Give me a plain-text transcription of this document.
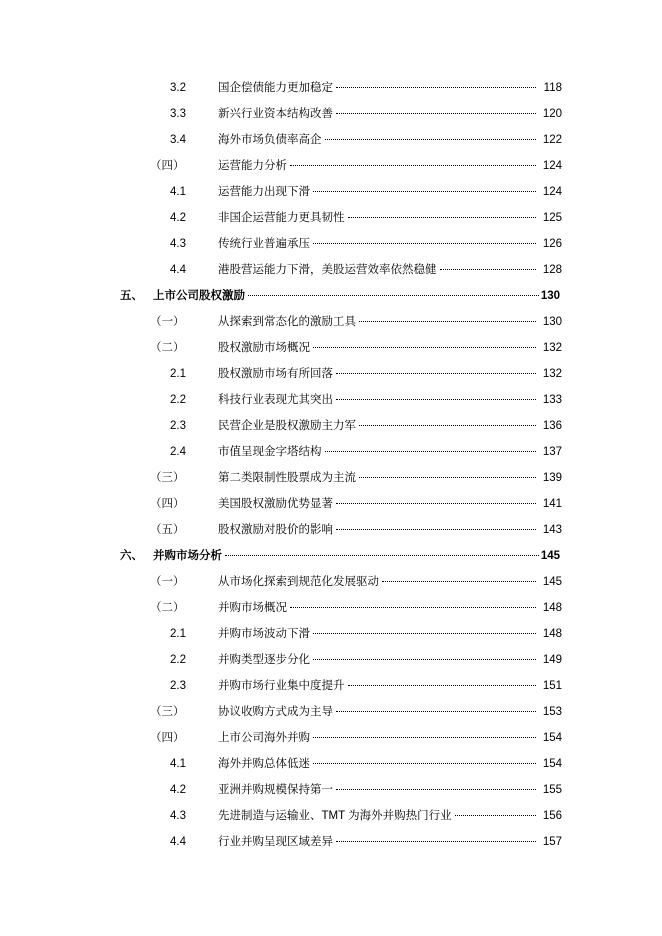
3.2	国企偿债能力更加稳定	118
3.3	新兴行业资本结构改善	120
3.4	海外市场负债率高企	122
（四）	运营能力分析	124
4.1	运营能力出现下滑	124
4.2	非国企运营能力更具韧性	125
4.3	传统行业普遍承压	126
4.4	港股营运能力下滑，美股运营效率依然稳健	128
五、 上市公司股权激励	130
（一）	从探索到常态化的激励工具	130
（二）	股权激励市场概况	132
2.1	股权激励市场有所回落	132
2.2	科技行业表现尤其突出	133
2.3	民营企业是股权激励主力军	136
2.4	市值呈现金字塔结构	137
（三）	第二类限制性股票成为主流	139
（四）	美国股权激励优势显著	141
（五）	股权激励对股价的影响	143
六、 并购市场分析	145
（一）	从市场化探索到规范化发展驱动	145
（二）	并购市场概况	148
2.1	并购市场波动下滑	148
2.2	并购类型逐步分化	149
2.3	并购市场行业集中度提升	151
（三）	协议收购方式成为主导	153
（四）	上市公司海外并购	154
4.1	海外并购总体低迷	154
4.2	亚洲并购规模保持第一	155
4.3	先进制造与运输业、TMT 为海外并购热门行业	156
4.4	行业并购呈现区域差异	157
